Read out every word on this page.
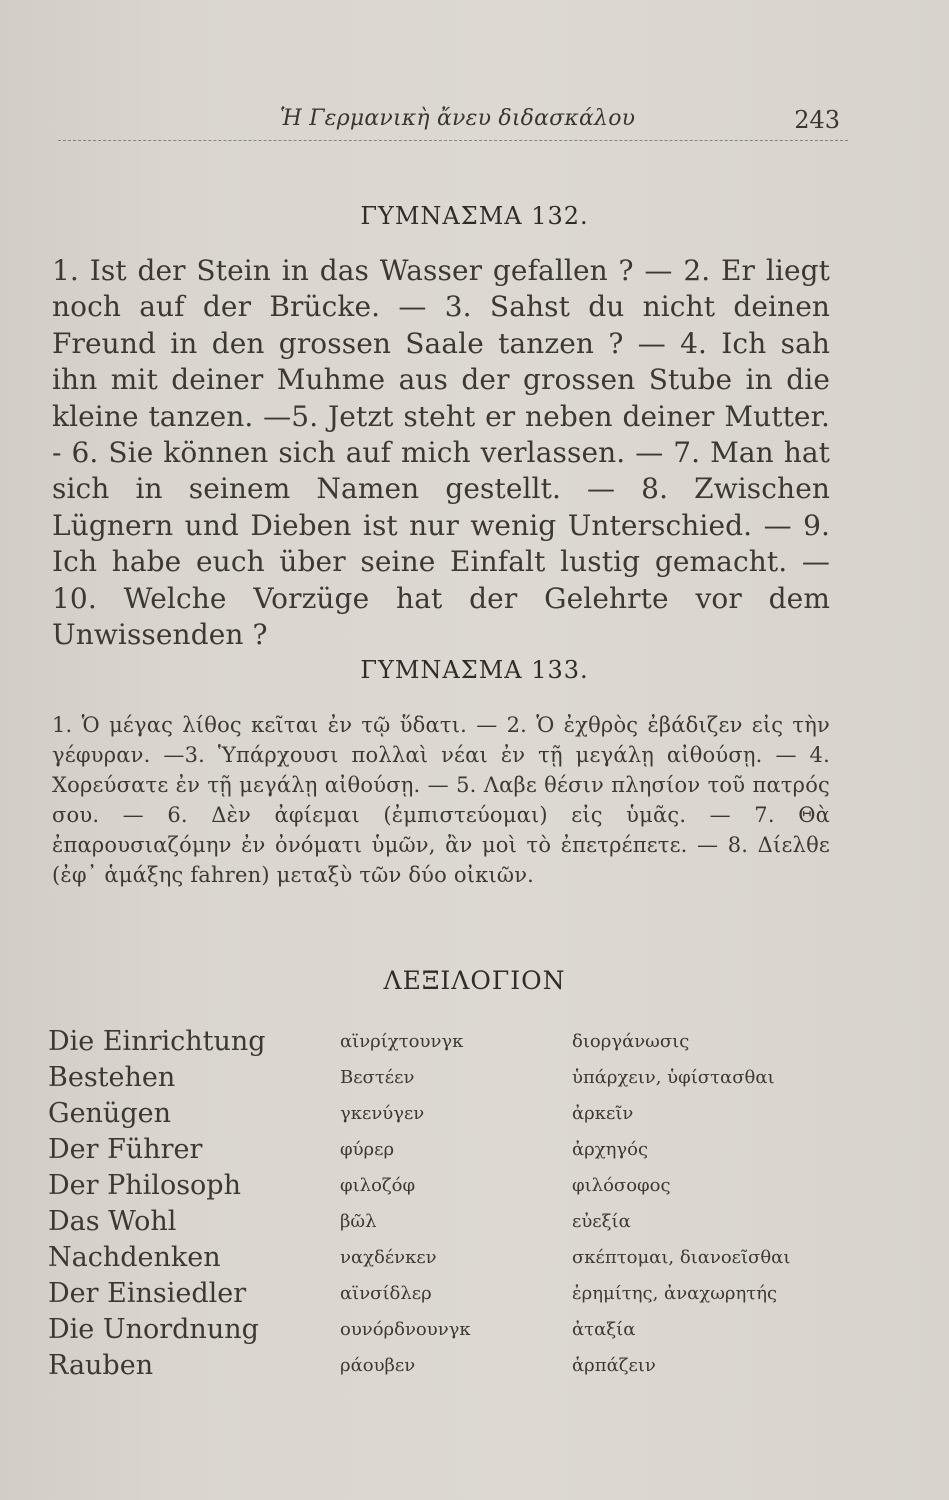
Ἡ Γερμανικὴ ἄνευ διδασκάλου	243
ΓΥΜΝΑΣΜΑ 132.
1. Ist der Stein in das Wasser gefallen ? — 2. Er liegt noch auf der Brücke. — 3. Sahst du nicht deinen Freund in den grossen Saale tanzen ? — 4. Ich sah ihn mit deiner Muhme aus der grossen Stube in die kleine tanzen. —5. Jetzt steht er neben deiner Mutter. - 6. Sie können sich auf mich verlassen. — 7. Man hat sich in seinem Namen gestellt. — 8. Zwischen Lügnern und Dieben ist nur wenig Unterschied. — 9. Ich habe euch über seine Einfalt lustig gemacht. — 10. Welche Vorzüge hat der Gelehrte vor dem Unwissenden ?
ΓΥΜΝΑΣΜΑ 133.
1. Ὁ μέγας λίθος κεῖται ἐν τῷ ὕδατι. — 2. Ὁ ἐχθρὸς ἐβάδιζεν εἰς τὴν γέφυραν. —3. Ὑπάρχουσι πολλαὶ νέαι ἐν τῇ μεγάλῃ αἰθούσῃ. — 4. Χορεύσατε ἐν τῇ μεγάλῃ αἰθούσῃ. — 5. Λαβε θέσιν πλησίον τοῦ πατρός σου. — 6. Δὲν ἀφίεμαι (ἐμπιστεύομαι) εἰς ὑμᾶς. — 7. Θὰ ἐπαρουσιαζόμην ἐν ὀνόματι ὑμῶν, ἂν μοὶ τὸ ἐπετρέπετε. — 8. Δίελθε (ἐφ᾽ ἁμάξης fahren) μεταξὺ τῶν δύο οἰκιῶν.
ΛΕΞΙΛΟΓΙΟΝ
Die Einrichtung	αϊνρίχτουνγκ	διοργάνωσις
Bestehen	Βεστέεν	ὑπάρχειν, ὑφίστασθαι
Genügen	γκενύγεν	ἀρκεῖν
Der Führer	φύρερ	ἀρχηγός
Der Philosoph	φιλοζόφ	φιλόσοφος
Das Wohl	βῶλ	εὐεξία
Nachdenken	ναχδένκεν	σκέπτομαι, διανοεῖσθαι
Der Einsiedler	αϊνσίδλερ	ἐρημίτης, ἀναχωρητής
Die Unordnung	ουνόρδνουνγκ	ἀταξία
Rauben	ράουβεν	ἁρπάζειν
